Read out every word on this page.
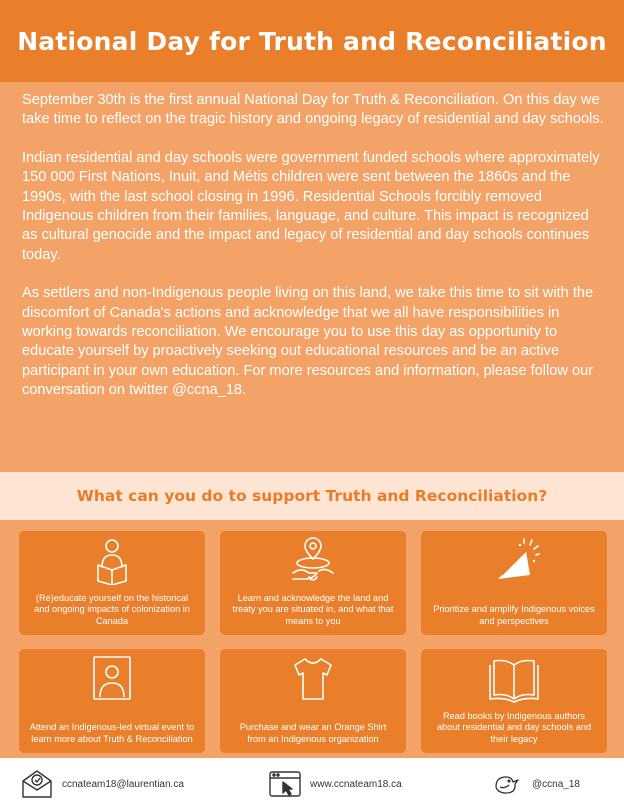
National Day for Truth and Reconciliation

September 30th is the first annual National Day for Truth & Reconciliation. On this day we take time to reflect on the tragic history and ongoing legacy of residential and day schools.

Indian residential and day schools were government funded schools where approximately 150 000 First Nations, Inuit, and Métis children were sent between the 1860s and the 1990s, with the last school closing in 1996. Residential Schools forcibly removed Indigenous children from their families, language, and culture. This impact is recognized as cultural genocide and the impact and legacy of residential and day schools continues today.

As settlers and non-Indigenous people living on this land, we take this time to sit with the discomfort of Canada's actions and acknowledge that we all have responsibilities in working towards reconciliation. We encourage you to use this day as opportunity to educate yourself by proactively seeking out educational resources and be an active participant in your own education. For more resources and information, please follow our conversation on twitter @ccna_18.

What can you do to support Truth and Reconciliation?
(Re)educate yourself on the historical and ongoing impacts of colonization in Canada
Learn and acknowledge the land and treaty you are situated in, and what that means to you
Prioritize and amplify Indigenous voices and perspectives
Attend an Indigenous-led virtual event to learn more about Truth & Reconciliation
Purchase and wear an Orange Shirt from an Indigenous organization
Read books by Indigenous authors about residential and day schools and their legacy
ccnateam18@laurentian.ca	www.ccnateam18.ca	@ccna_18
